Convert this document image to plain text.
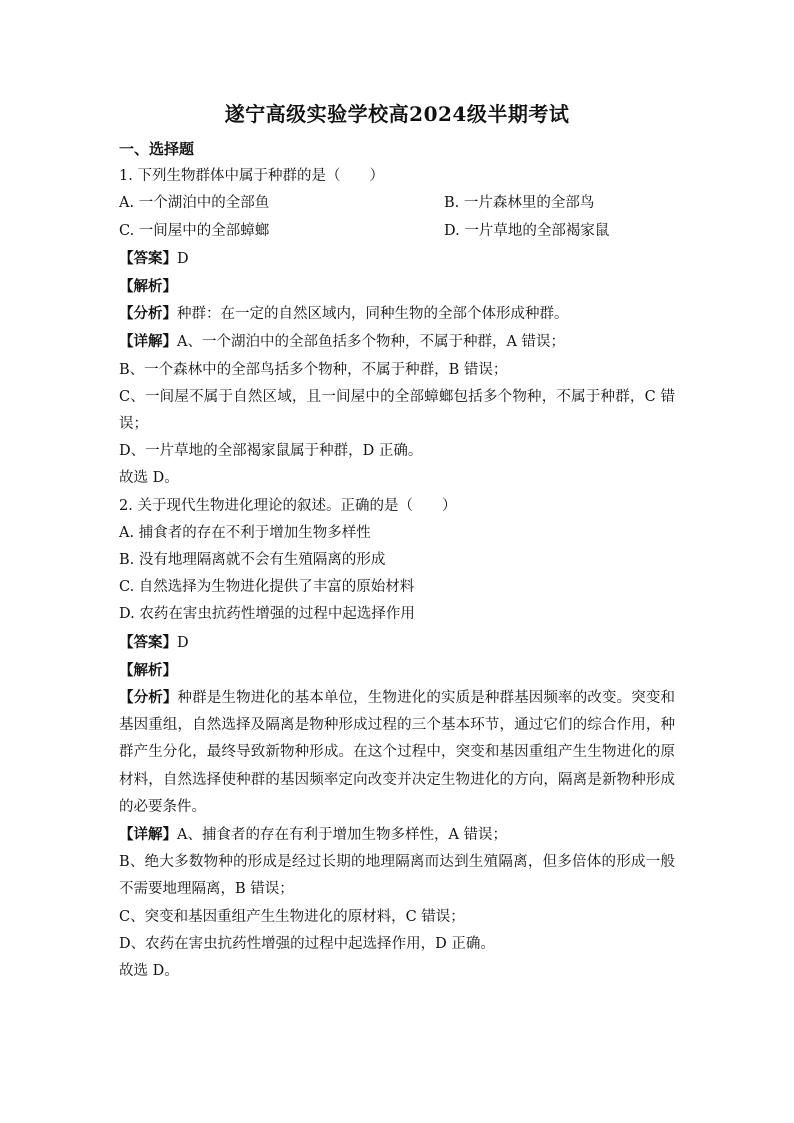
遂宁高级实验学校高2024级半期考试
一、选择题
1. 下列生物群体中属于种群的是（　　）
A. 一个湖泊中的全部鱼	B. 一片森林里的全部鸟
C. 一间屋中的全部蟑螂	D. 一片草地的全部褐家鼠
【答案】D
【解析】
【分析】种群：在一定的自然区域内，同种生物的全部个体形成种群。
【详解】A、一个湖泊中的全部鱼括多个物种，不属于种群，A 错误；
B、一个森林中的全部鸟括多个物种，不属于种群，B 错误；
C、一间屋不属于自然区域，且一间屋中的全部蟑螂包括多个物种，不属于种群，C 错误；
D、一片草地的全部褐家鼠属于种群，D 正确。
故选 D。
2. 关于现代生物进化理论的叙述。正确的是（　　）
A. 捕食者的存在不利于增加生物多样性
B. 没有地理隔离就不会有生殖隔离的形成
C. 自然选择为生物进化提供了丰富的原始材料
D. 农药在害虫抗药性增强的过程中起选择作用
【答案】D
【解析】
【分析】种群是生物进化的基本单位，生物进化的实质是种群基因频率的改变。突变和基因重组，自然选择及隔离是物种形成过程的三个基本环节，通过它们的综合作用，种群产生分化，最终导致新物种形成。在这个过程中，突变和基因重组产生生物进化的原材料，自然选择使种群的基因频率定向改变并决定生物进化的方向，隔离是新物种形成的必要条件。
【详解】A、捕食者的存在有利于增加生物多样性，A 错误；
B、绝大多数物种的形成是经过长期的地理隔离而达到生殖隔离，但多倍体的形成一般不需要地理隔离，B 错误；
C、突变和基因重组产生生物进化的原材料，C 错误；
D、农药在害虫抗药性增强的过程中起选择作用，D 正确。
故选 D。
